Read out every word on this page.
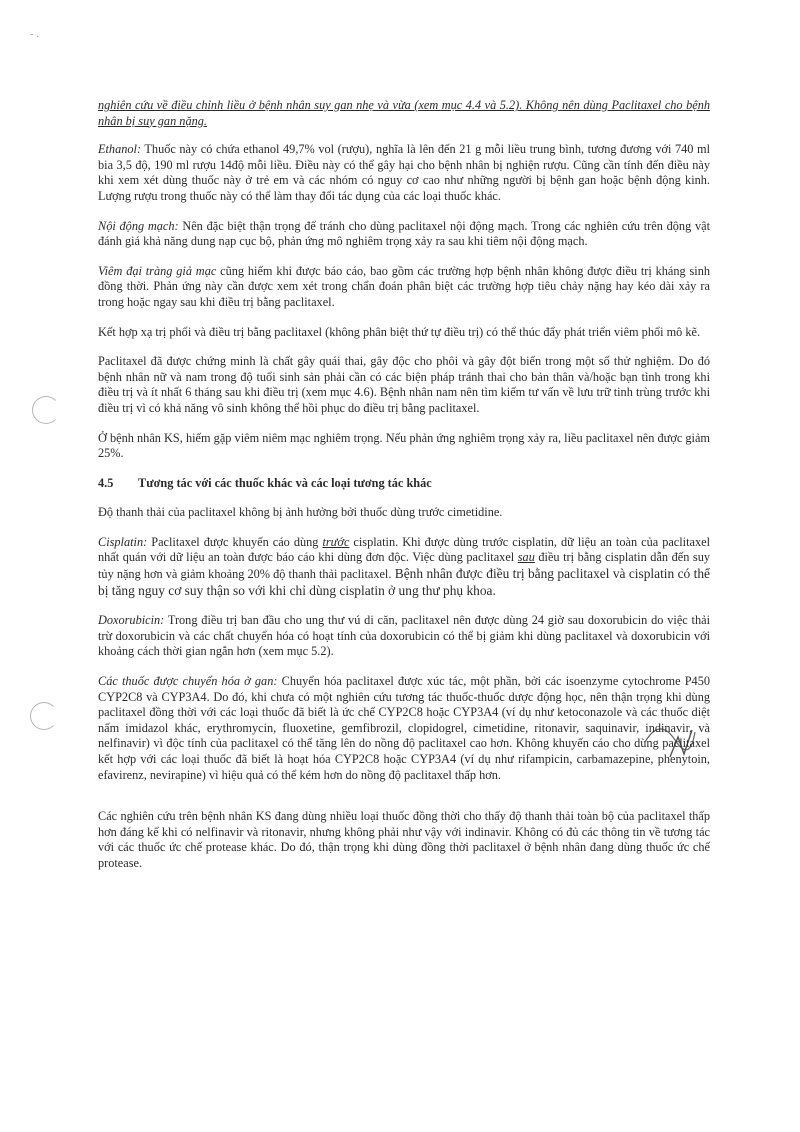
- .

nghiên cứu về điều chỉnh liều ở bệnh nhân suy gan nhẹ và vừa (xem mục 4.4 và 5.2). Không nên dùng Paclitaxel cho bệnh nhân bị suy gan nặng.

Ethanol: Thuốc này có chứa ethanol 49,7% vol (rượu), nghĩa là lên đến 21 g mỗi liều trung bình, tương đương với 740 ml bia 3,5 độ, 190 ml rượu 14độ mỗi liều. Điều này có thể gây hại cho bệnh nhân bị nghiện rượu. Cũng cần tính đến điều này khi xem xét dùng thuốc này ở trẻ em và các nhóm có nguy cơ cao như những người bị bệnh gan hoặc bệnh động kinh. Lượng rượu trong thuốc này có thể làm thay đổi tác dụng của các loại thuốc khác.

Nội động mạch: Nên đặc biệt thận trọng để tránh cho dùng paclitaxel nội động mạch. Trong các nghiên cứu trên động vật đánh giá khả năng dung nạp cục bộ, phản ứng mô nghiêm trọng xảy ra sau khi tiêm nội động mạch.

Viêm đại tràng giả mạc cũng hiếm khi được báo cáo, bao gồm các trường hợp bệnh nhân không được điều trị kháng sinh đồng thời. Phản ứng này cần được xem xét trong chẩn đoán phân biệt các trường hợp tiêu chảy nặng hay kéo dài xảy ra trong hoặc ngay sau khi điều trị bằng paclitaxel.

Kết hợp xạ trị phổi và điều trị bằng paclitaxel (không phân biệt thứ tự điều trị) có thể thúc đẩy phát triển viêm phổi mô kẽ.

Paclitaxel đã được chứng minh là chất gây quái thai, gây độc cho phôi và gây đột biến trong một số thử nghiệm. Do đó bệnh nhân nữ và nam trong độ tuổi sinh sản phải cần có các biện pháp tránh thai cho bản thân và/hoặc bạn tình trong khi điều trị và ít nhất 6 tháng sau khi điều trị (xem mục 4.6). Bệnh nhân nam nên tìm kiếm tư vấn về lưu trữ tinh trùng trước khi điều trị vì có khả năng vô sinh không thể hồi phục do điều trị bằng paclitaxel.

Ở bệnh nhân KS, hiếm gặp viêm niêm mạc nghiêm trọng. Nếu phản ứng nghiêm trọng xảy ra, liều paclitaxel nên được giảm 25%.

4.5	Tương tác với các thuốc khác và các loại tương tác khác

Độ thanh thải của paclitaxel không bị ảnh hưởng bởi thuốc dùng trước cimetidine.

Cisplatin: Paclitaxel được khuyến cáo dùng trước cisplatin. Khi được dùng trước cisplatin, dữ liệu an toàn của paclitaxel nhất quán với dữ liệu an toàn được báo cáo khi dùng đơn độc. Việc dùng paclitaxel sau điều trị bằng cisplatin dẫn đến suy tủy nặng hơn và giảm khoảng 20% độ thanh thải paclitaxel. Bệnh nhân được điều trị bằng paclitaxel và cisplatin có thể bị tăng nguy cơ suy thận so với khi chỉ dùng cisplatin ở ung thư phụ khoa.

Doxorubicin: Trong điều trị ban đầu cho ung thư vú di căn, paclitaxel nên được dùng 24 giờ sau doxorubicin do việc thải trừ doxorubicin và các chất chuyển hóa có hoạt tính của doxorubicin có thể bị giảm khi dùng paclitaxel và doxorubicin với khoảng cách thời gian ngắn hơn (xem mục 5.2).

Các thuốc được chuyển hóa ở gan: Chuyển hóa paclitaxel được xúc tác, một phần, bởi các isoenzyme cytochrome P450 CYP2C8 và CYP3A4. Do đó, khi chưa có một nghiên cứu tương tác thuốc-thuốc dược động học, nên thận trọng khi dùng paclitaxel đồng thời với các loại thuốc đã biết là ức chế CYP2C8 hoặc CYP3A4 (ví dụ như ketoconazole và các thuốc diệt nấm imidazol khác, erythromycin, fluoxetine, gemfibrozil, clopidogrel, cimetidine, ritonavir, saquinavir, indinavir, và nelfinavir) vì độc tính của paclitaxel có thể tăng lên do nồng độ paclitaxel cao hơn. Không khuyến cáo cho dùng paclitaxel kết hợp với các loại thuốc đã biết là hoạt hóa CYP2C8 hoặc CYP3A4 (ví dụ như rifampicin, carbamazepine, phenytoin, efavirenz, nevirapine) vì hiệu quả có thể kém hơn do nồng độ paclitaxel thấp hơn.

Các nghiên cứu trên bệnh nhân KS đang dùng nhiều loại thuốc đồng thời cho thấy độ thanh thải toàn bộ của paclitaxel thấp hơn đáng kể khi có nelfinavir và ritonavir, nhưng không phải như vậy với indinavir. Không có đủ các thông tin về tương tác với các thuốc ức chế protease khác. Do đó, thận trọng khi dùng đồng thời paclitaxel ở bệnh nhân đang dùng thuốc ức chế protease.
